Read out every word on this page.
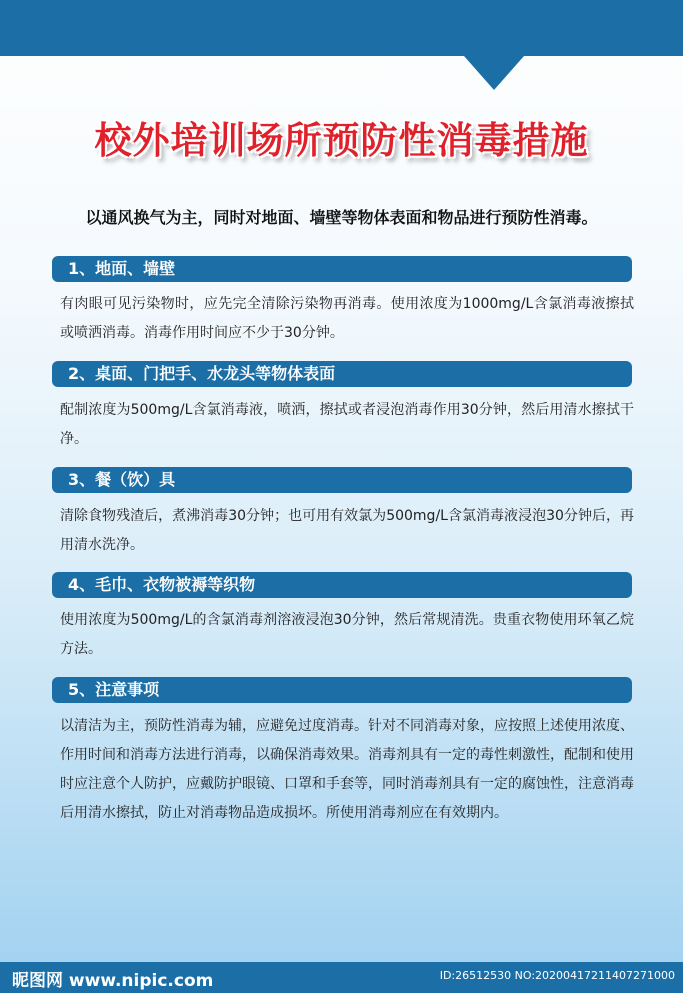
校外培训场所预防性消毒措施
以通风换气为主，同时对地面、墙壁等物体表面和物品进行预防性消毒。
1、地面、墙壁
有肉眼可见污染物时，应先完全清除污染物再消毒。使用浓度为1000mg/L含氯消毒液擦拭或喷洒消毒。消毒作用时间应不少于30分钟。
2、桌面、门把手、水龙头等物体表面
配制浓度为500mg/L含氯消毒液，喷洒，擦拭或者浸泡消毒作用30分钟，然后用清水擦拭干净。
3、餐（饮）具
清除食物残渣后，煮沸消毒30分钟；也可用有效氯为500mg/L含氯消毒液浸泡30分钟后，再用清水洗净。
4、毛巾、衣物被褥等织物
使用浓度为500mg/L的含氯消毒剂溶液浸泡30分钟，然后常规清洗。贵重衣物使用环氧乙烷方法。
5、注意事项
以清洁为主，预防性消毒为辅，应避免过度消毒。针对不同消毒对象，应按照上述使用浓度、作用时间和消毒方法进行消毒，以确保消毒效果。消毒剂具有一定的毒性刺激性，配制和使用时应注意个人防护，应戴防护眼镜、口罩和手套等，同时消毒剂具有一定的腐蚀性，注意消毒后用清水擦拭，防止对消毒物品造成损坏。所使用消毒剂应在有效期内。
昵图网 www.nipic.com	ID:26512530 NO:20200417211407271000
